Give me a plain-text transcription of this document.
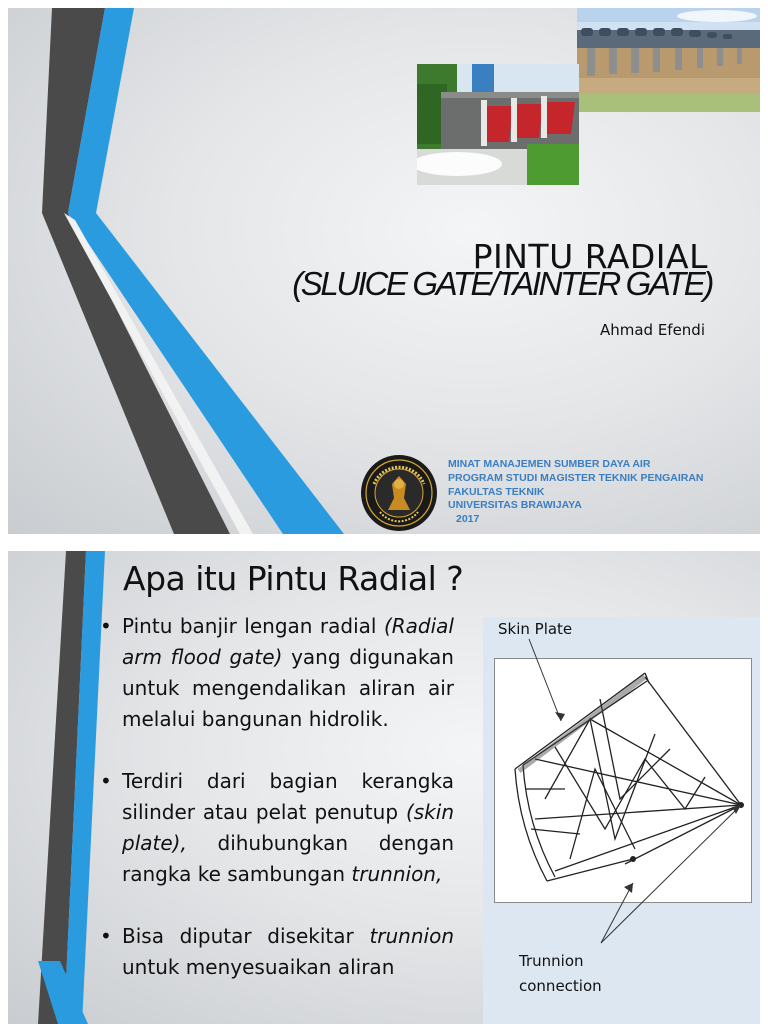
PINTU RADIAL
(SLUICE GATE/TAINTER GATE)
Ahmad Efendi
MINAT MANAJEMEN SUMBER DAYA AIR
PROGRAM STUDI MAGISTER TEKNIK PENGAIRAN
FAKULTAS TEKNIK
UNIVERSITAS BRAWIJAYA
2017
Apa itu Pintu Radial ?
• Pintu banjir lengan radial (Radial arm flood gate) yang digunakan untuk mengendalikan aliran air melalui bangunan hidrolik.
• Terdiri dari bagian kerangka silinder atau pelat penutup (skin plate), dihubungkan dengan rangka ke sambungan trunnion,
• Bisa diputar disekitar trunnion untuk menyesuaikan aliran
Skin Plate
Trunnion
connection
